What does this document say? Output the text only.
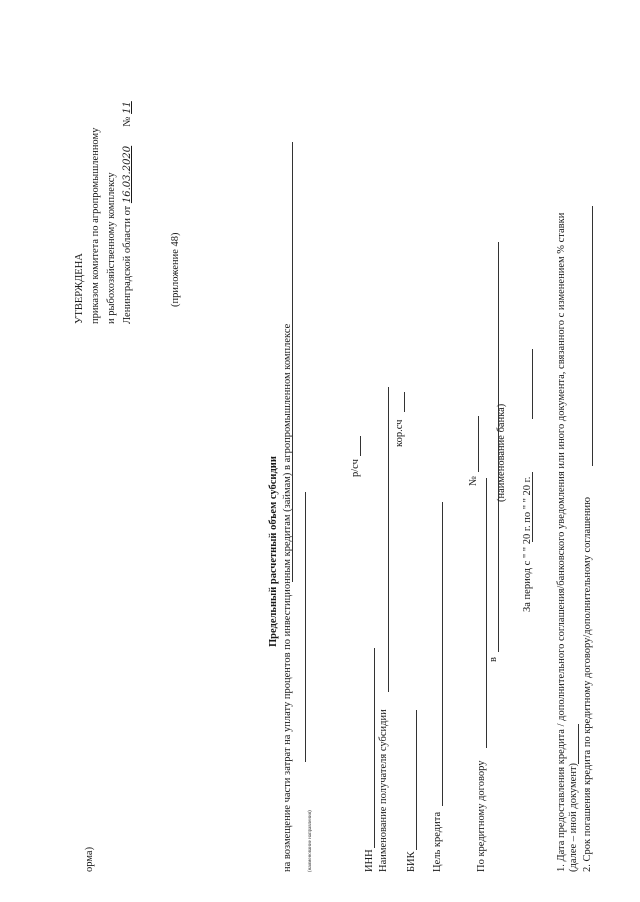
орма)
УТВЕРЖДЕНА приказом комитета по агропромышленному и рыбохозяйственному комплексу Ленинградской области от 16.03.2020  № 11
(приложение 48)
Предельный расчетный объем субсидии на возмещение части затрат на уплату процентов по инвестиционным кредитам (займам) в агропромышленном комплексе	(наименование направления)	ИНН
р/сч
Наименование получателя субсидии
кор.сч
БИК Цель кредита	По кредитному договору
№
в
(наименование банка)
За период с " " 20 г. по " " 20 г. 1. Дата предоставления кредита / дополнительного соглашения/банковского уведомления или иного документа, связанного с изменением % ставки (далее – иной документ) 2. Срок погашения кредита по кредитному договору/дополнительному соглашению
